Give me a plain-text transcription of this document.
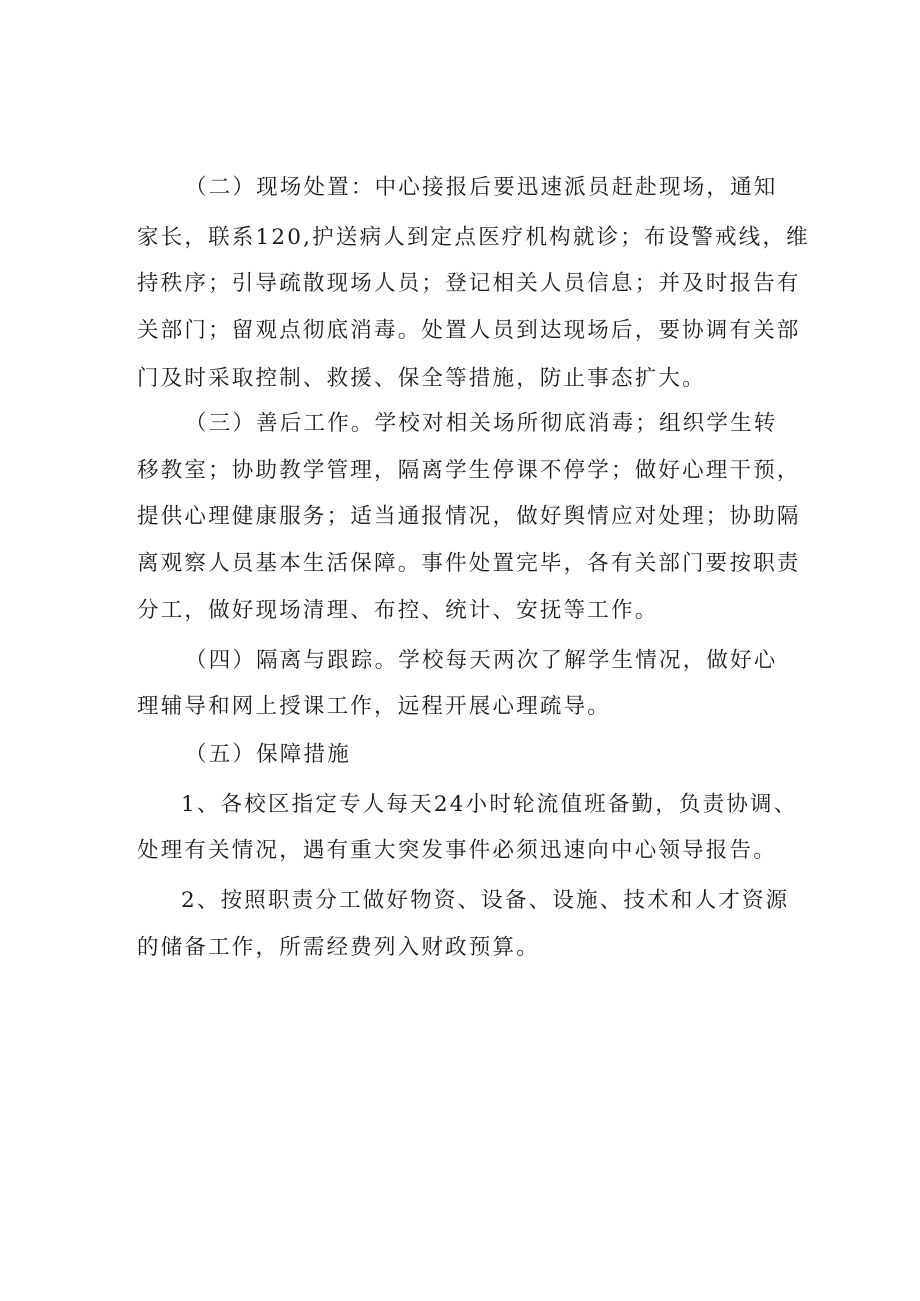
（二）现场处置：中心接报后要迅速派员赶赴现场，通知
家长，联系120,护送病人到定点医疗机构就诊；布设警戒线，维
持秩序；引导疏散现场人员；登记相关人员信息；并及时报告有
关部门；留观点彻底消毒。处置人员到达现场后，要协调有关部
门及时采取控制、救援、保全等措施，防止事态扩大。
（三）善后工作。学校对相关场所彻底消毒；组织学生转
移教室；协助教学管理，隔离学生停课不停学；做好心理干预，
提供心理健康服务；适当通报情况，做好舆情应对处理；协助隔
离观察人员基本生活保障。事件处置完毕，各有关部门要按职责
分工，做好现场清理、布控、统计、安抚等工作。
（四）隔离与跟踪。学校每天两次了解学生情况，做好心
理辅导和网上授课工作，远程开展心理疏导。
（五）保障措施
1、各校区指定专人每天24小时轮流值班备勤，负责协调、
处理有关情况，遇有重大突发事件必须迅速向中心领导报告。
2、按照职责分工做好物资、设备、设施、技术和人才资源
的储备工作，所需经费列入财政预算。
